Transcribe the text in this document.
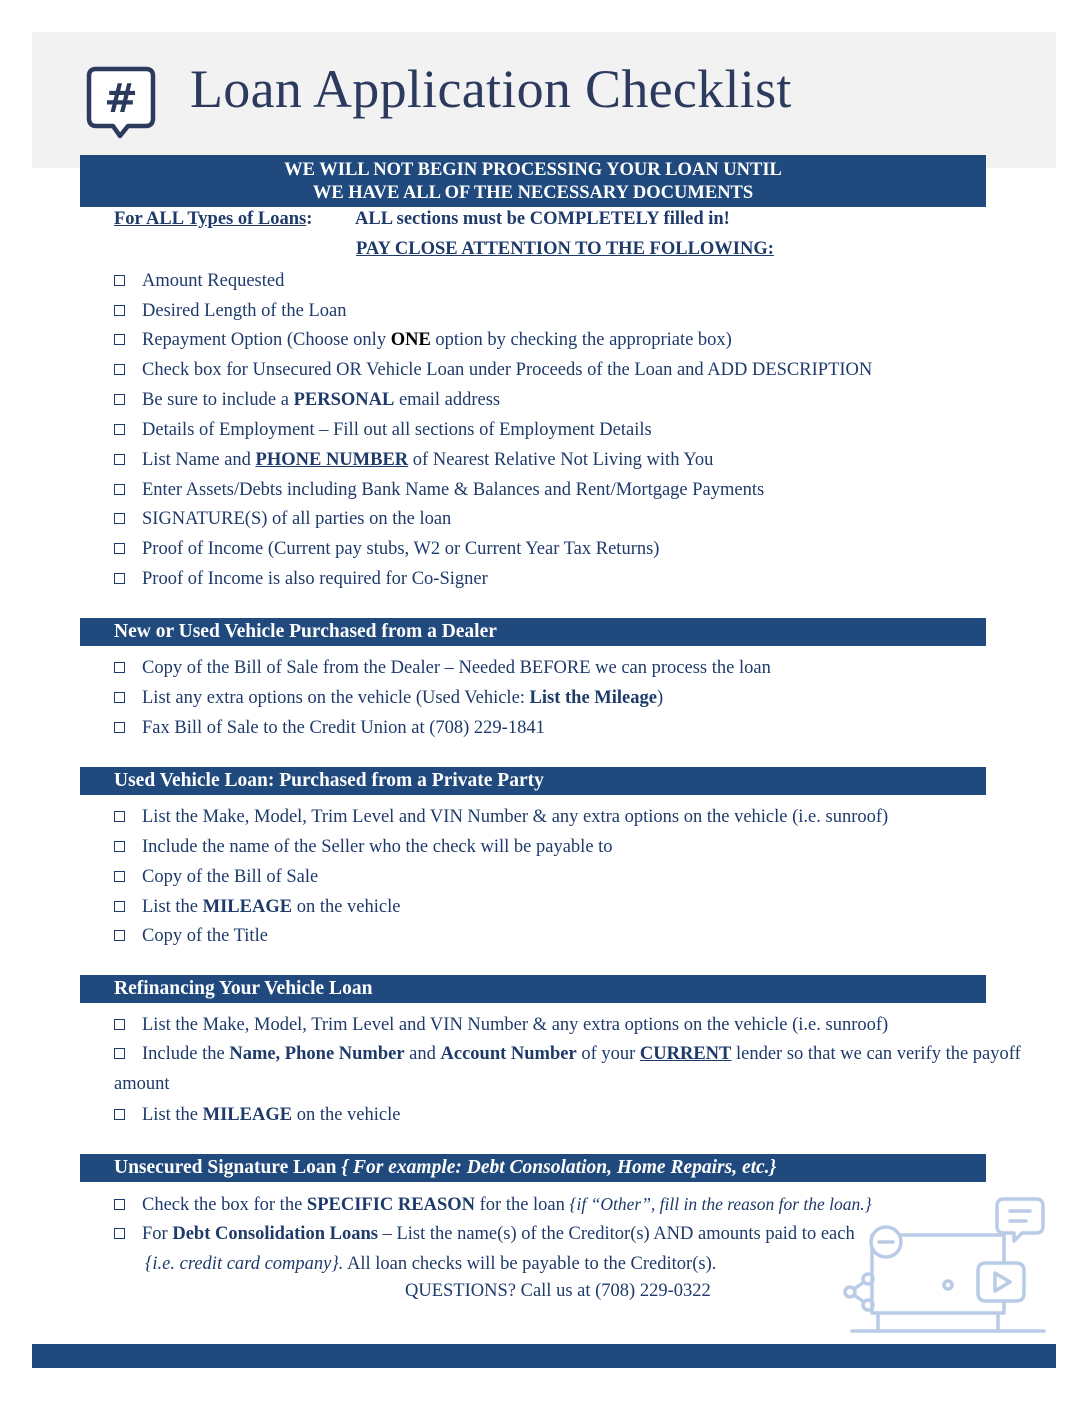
# Loan Application Checklist
WE WILL NOT BEGIN PROCESSING YOUR LOAN UNTIL
WE HAVE ALL OF THE NECESSARY DOCUMENTS
For ALL Types of Loans: ALL sections must be COMPLETELY filled in!
PAY CLOSE ATTENTION TO THE FOLLOWING:
Amount Requested
Desired Length of the Loan
Repayment Option (Choose only ONE option by checking the appropriate box)
Check box for Unsecured OR Vehicle Loan under Proceeds of the Loan and ADD DESCRIPTION
Be sure to include a PERSONAL email address
Details of Employment – Fill out all sections of Employment Details
List Name and PHONE NUMBER of Nearest Relative Not Living with You
Enter Assets/Debts including Bank Name & Balances and Rent/Mortgage Payments
SIGNATURE(S) of all parties on the loan
Proof of Income (Current pay stubs, W2 or Current Year Tax Returns)
Proof of Income is also required for Co-Signer
New or Used Vehicle Purchased from a Dealer
Copy of the Bill of Sale from the Dealer – Needed BEFORE we can process the loan
List any extra options on the vehicle (Used Vehicle: List the Mileage)
Fax Bill of Sale to the Credit Union at (708) 229-1841
Used Vehicle Loan: Purchased from a Private Party
List the Make, Model, Trim Level and VIN Number & any extra options on the vehicle (i.e. sunroof)
Include the name of the Seller who the check will be payable to
Copy of the Bill of Sale
List the MILEAGE on the vehicle
Copy of the Title
Refinancing Your Vehicle Loan
List the Make, Model, Trim Level and VIN Number & any extra options on the vehicle (i.e. sunroof)
Include the Name, Phone Number and Account Number of your CURRENT lender so that we can verify the payoff amount
List the MILEAGE on the vehicle
Unsecured Signature Loan { For example: Debt Consolation, Home Repairs, etc.}
Check the box for the SPECIFIC REASON for the loan {if “Other”, fill in the reason for the loan.}
For Debt Consolidation Loans – List the name(s) of the Creditor(s) AND amounts paid to each
{i.e. credit card company}. All loan checks will be payable to the Creditor(s).
QUESTIONS? Call us at (708) 229-0322
